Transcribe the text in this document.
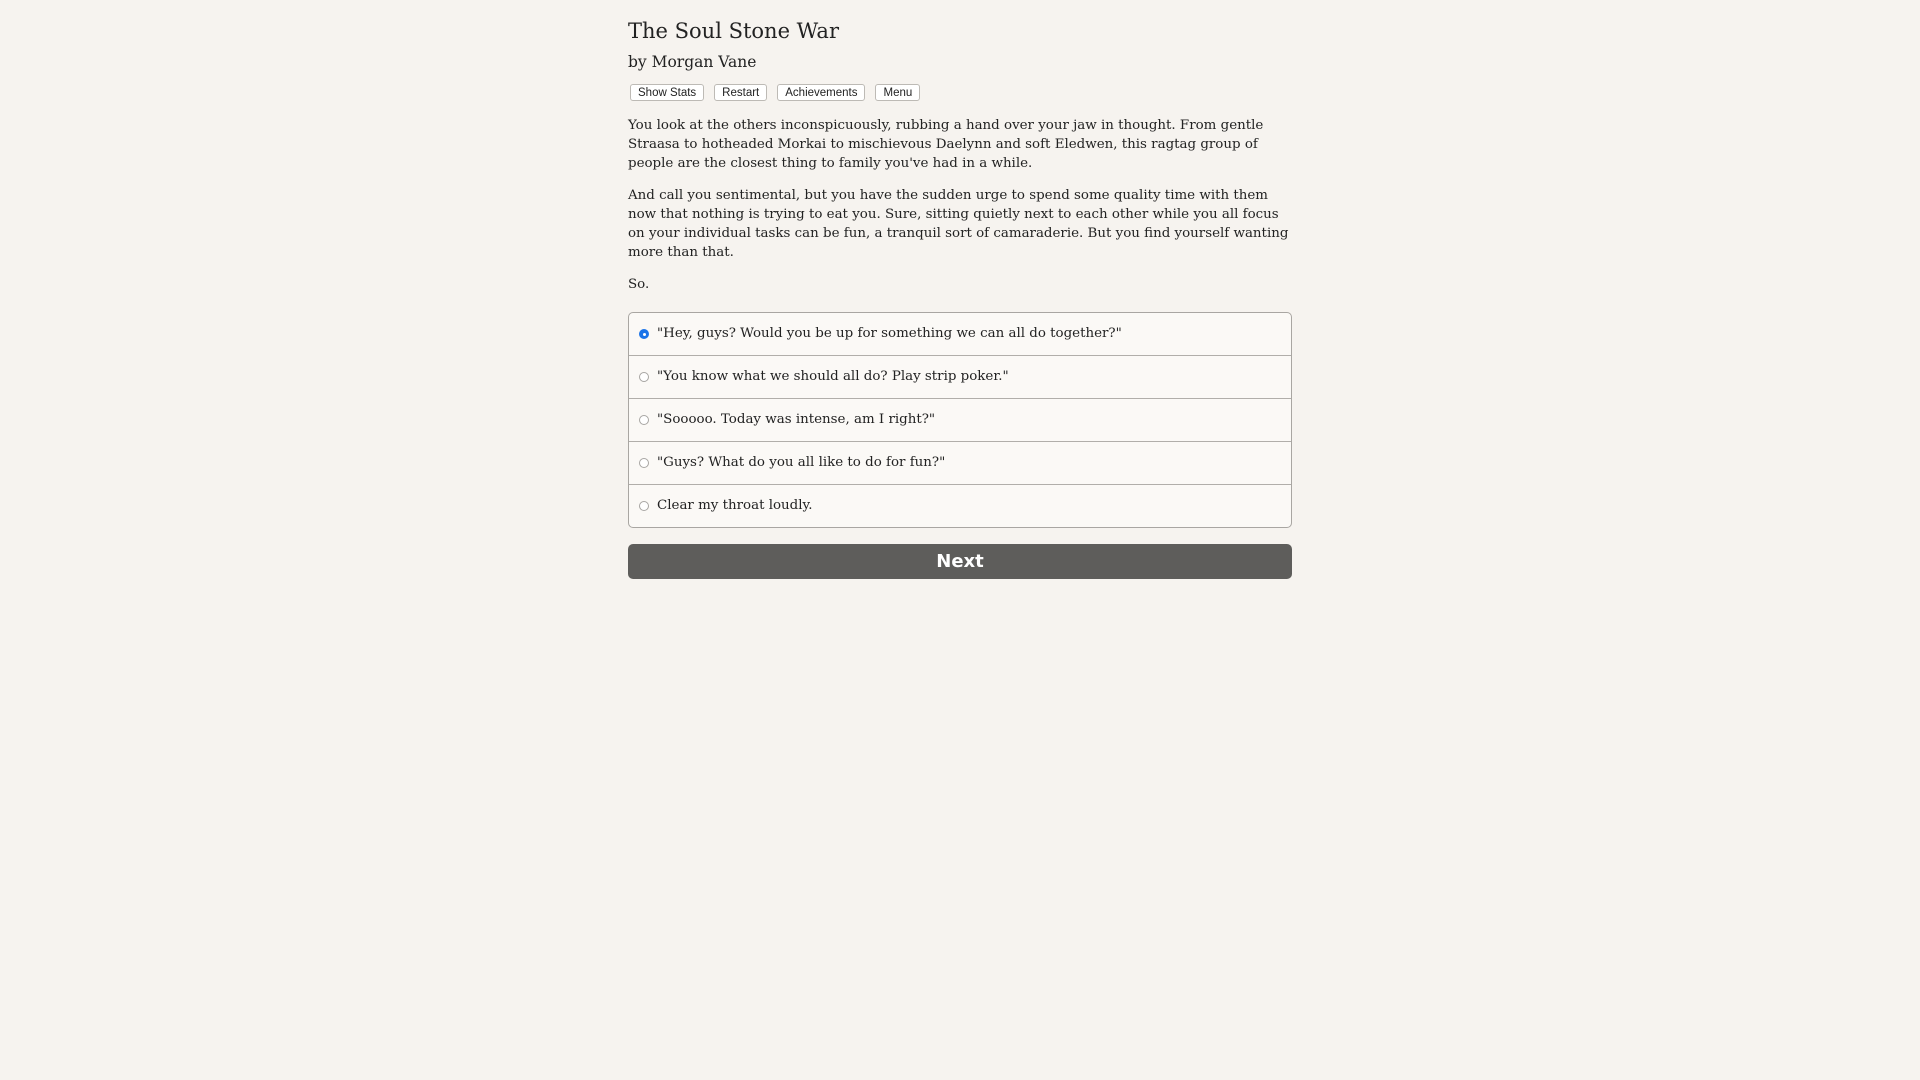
The Soul Stone War
by Morgan Vane
Show Stats	Restart	Achievements	Menu

You look at the others inconspicuously, rubbing a hand over your jaw in thought. From gentle Straasa to hotheaded Morkai to mischievous Daelynn and soft Eledwen, this ragtag group of people are the closest thing to family you've had in a while.

And call you sentimental, but you have the sudden urge to spend some quality time with them now that nothing is trying to eat you. Sure, sitting quietly next to each other while you all focus on your individual tasks can be fun, a tranquil sort of camaraderie. But you find yourself wanting more than that.

So.

"Hey, guys? Would you be up for something we can all do together?"
"You know what we should all do? Play strip poker."
"Sooooo. Today was intense, am I right?"
"Guys? What do you all like to do for fun?"
Clear my throat loudly.
Next
